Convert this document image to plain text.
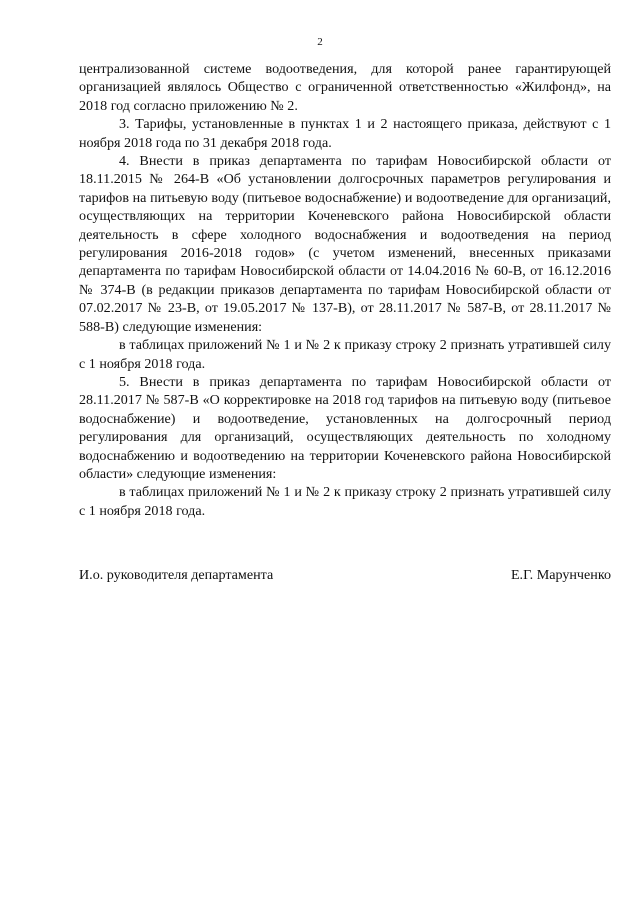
2

централизованной системе водоотведения, для которой ранее гарантирующей организацией являлось Общество с ограниченной ответственностью «Жилфонд», на 2018 год согласно приложению № 2.

3. Тарифы, установленные в пунктах 1 и 2 настоящего приказа, действуют с 1 ноября 2018 года по 31 декабря 2018 года.

4. Внести в приказ департамента по тарифам Новосибирской области от 18.11.2015 № 264-В «Об установлении долгосрочных параметров регулирования и тарифов на питьевую воду (питьевое водоснабжение) и водоотведение для организаций, осуществляющих на территории Коченевского района Новосибирской области деятельность в сфере холодного водоснабжения и водоотведения на период регулирования 2016-2018 годов» (с учетом изменений, внесенных приказами департамента по тарифам Новосибирской области от 14.04.2016 № 60-В, от 16.12.2016 № 374-В (в редакции приказов департамента по тарифам Новосибирской области от 07.02.2017 № 23-В, от 19.05.2017 № 137-В), от 28.11.2017 № 587-В, от 28.11.2017 № 588-В) следующие изменения:

в таблицах приложений № 1 и № 2 к приказу строку 2 признать утратившей силу с 1 ноября 2018 года.

5. Внести в приказ департамента по тарифам Новосибирской области от 28.11.2017 № 587-В «О корректировке на 2018 год тарифов на питьевую воду (питьевое водоснабжение) и водоотведение, установленных на долгосрочный период регулирования для организаций, осуществляющих деятельность по холодному водоснабжению и водоотведению на территории Коченевского района Новосибирской области» следующие изменения:

в таблицах приложений № 1 и № 2 к приказу строку 2 признать утратившей силу с 1 ноября 2018 года.

И.о. руководителя департамента	Е.Г. Марунченко
